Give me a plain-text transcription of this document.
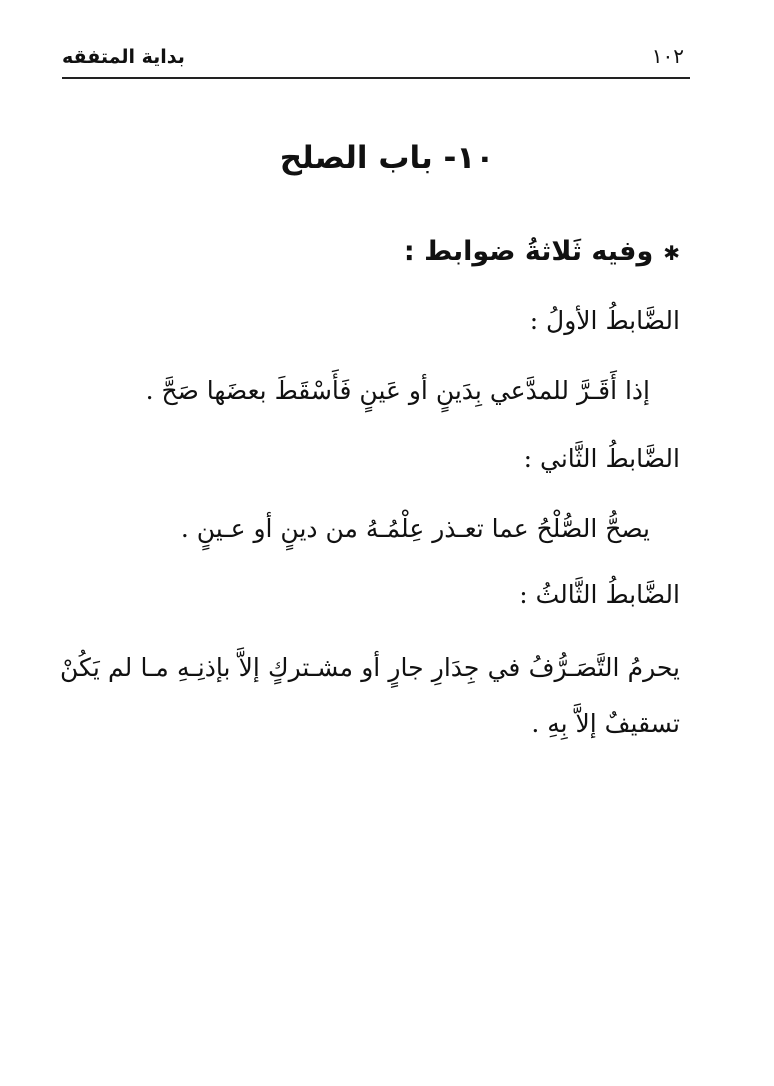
١٠٢
بداية المتفقه
١٠- باب الصلح
✱وفيه ثَلاثةُ ضوابط :
الضَّابطُ الأولُ :
إذا أَقَـرَّ للمدَّعي بِدَينٍ أو عَينٍ فَأَسْقَطَ بعضَها صَحَّ .
الضَّابطُ الثَّاني :
يصحُّ الصُّلْحُ عما تعـذر عِلْمُـهُ من دينٍ أو عـينٍ .
الضَّابطُ الثَّالثُ :
يحرمُ التَّصَـرُّفُ في جِدَارِ جارٍ أو مشـتركٍ إلاَّ بإذنِـهِ مـا لم يَكُنْ تسقيفٌ إلاَّ بِهِ .
